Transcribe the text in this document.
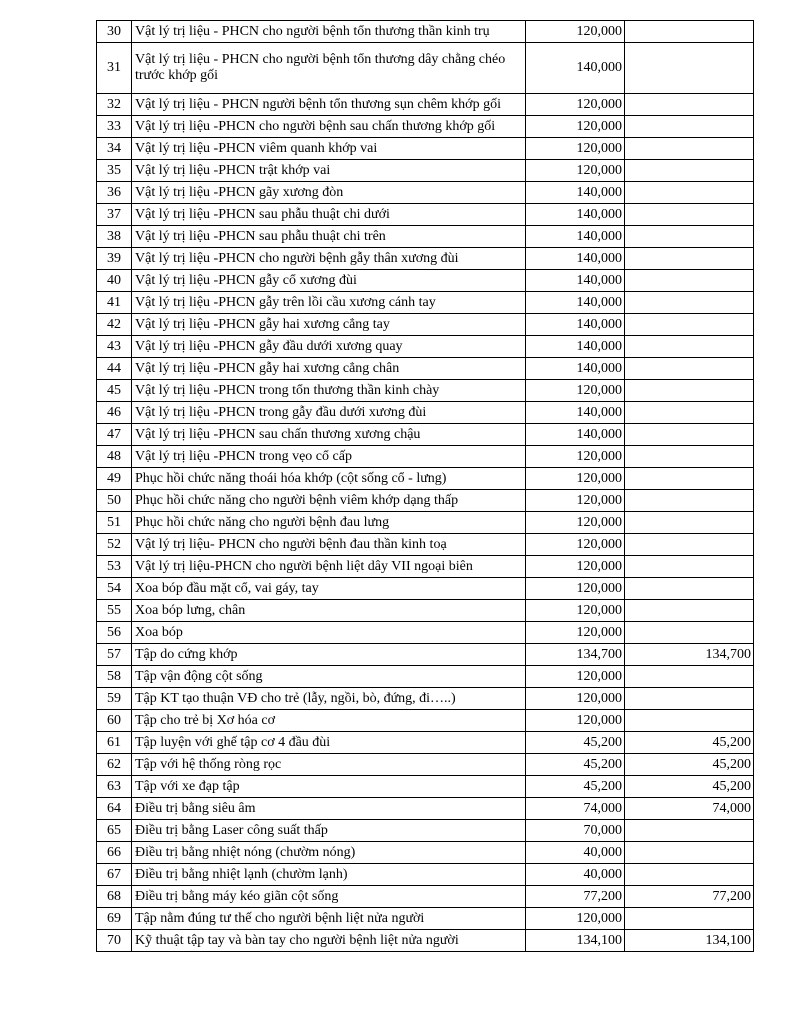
30	Vật lý trị liệu - PHCN cho người bệnh tổn thương thần kinh trụ	120,000	
31	Vật lý trị liệu - PHCN cho người bệnh tổn thương dây chằng chéo trước khớp gối	140,000	
32	Vật lý trị liệu - PHCN người bệnh tổn thương sụn chêm khớp gối	120,000	
33	Vật lý trị liệu -PHCN cho người bệnh sau chấn thương khớp gối	120,000	
34	Vật lý trị liệu -PHCN viêm quanh khớp vai	120,000	
35	Vật lý trị liệu -PHCN trật khớp vai	120,000	
36	Vật lý trị liệu -PHCN gãy xương đòn	140,000	
37	Vật lý trị liệu -PHCN sau phẫu thuật chi dưới	140,000	
38	Vật lý trị liệu -PHCN sau phẫu thuật chi trên	140,000	
39	Vật lý trị liệu -PHCN cho người bệnh gẫy thân xương đùi	140,000	
40	Vật lý trị liệu -PHCN gẫy cổ xương đùi	140,000	
41	Vật lý trị liệu -PHCN gẫy trên lồi cầu xương cánh tay	140,000	
42	Vật lý trị liệu -PHCN gẫy hai xương cẳng tay	140,000	
43	Vật lý trị liệu -PHCN gẫy đầu dưới xương quay	140,000	
44	Vật lý trị liệu -PHCN gẫy hai xương cẳng chân	140,000	
45	Vật lý trị liệu -PHCN trong tổn thương thần kinh chày	120,000	
46	Vật lý trị liệu -PHCN trong gẫy đầu dưới xương đùi	140,000	
47	Vật lý trị liệu -PHCN sau chấn thương xương chậu	140,000	
48	Vật lý trị liệu -PHCN trong vẹo cổ cấp	120,000	
49	Phục hồi chức năng thoái hóa khớp (cột sống cổ - lưng)	120,000	
50	Phục hồi chức năng cho người bệnh viêm khớp dạng thấp	120,000	
51	Phục hồi chức năng cho người bệnh đau lưng	120,000	
52	Vật lý trị liệu- PHCN cho người bệnh đau thần kinh toạ	120,000	
53	Vật lý trị liệu-PHCN cho người bệnh liệt dây VII ngoại biên	120,000	
54	Xoa bóp đầu mặt cổ, vai gáy, tay	120,000	
55	Xoa bóp lưng, chân	120,000	
56	Xoa bóp	120,000	
57	Tập do cứng khớp	134,700	134,700
58	Tập vận động cột sống	120,000	
59	Tập KT tạo thuận VĐ cho trẻ (lẫy, ngồi, bò, đứng, đi…..)	120,000	
60	Tập cho trẻ bị Xơ hóa cơ	120,000	
61	Tập luyện với ghế tập cơ 4 đầu đùi	45,200	45,200
62	Tập với hệ thống ròng rọc	45,200	45,200
63	Tập với xe đạp tập	45,200	45,200
64	Điều trị bằng siêu âm	74,000	74,000
65	Điều trị bằng Laser công suất thấp	70,000	
66	Điều trị bằng nhiệt nóng (chườm nóng)	40,000	
67	Điều trị bằng nhiệt lạnh (chườm lạnh)	40,000	
68	Điều trị bằng máy kéo giãn cột sống	77,200	77,200
69	Tập nằm đúng tư thế cho người bệnh liệt nửa người	120,000	
70	Kỹ thuật tập tay và bàn tay cho người bệnh liệt nửa người	134,100	134,100
